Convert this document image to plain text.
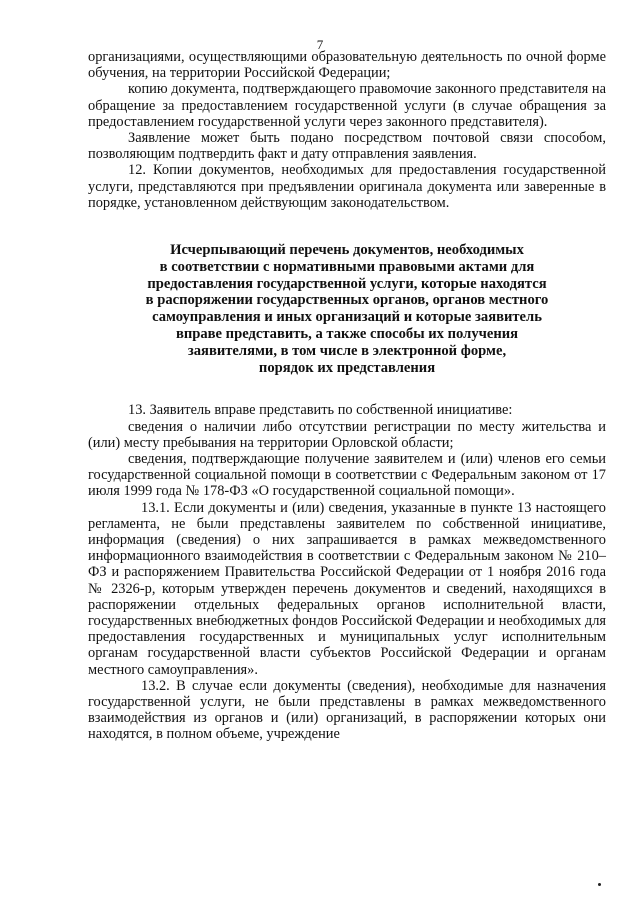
7

организациями, осуществляющими образовательную деятельность по очной форме обучения, на территории Российской Федерации;

копию документа, подтверждающего правомочие законного представителя на обращение за предоставлением государственной услуги (в случае обращения за предоставлением государственной услуги через законного представителя).

Заявление может быть подано посредством почтовой связи способом, позволяющим подтвердить факт и дату отправления заявления.

12. Копии документов, необходимых для предоставления государственной услуги, представляются при предъявлении оригинала документа или заверенные в порядке, установленном действующим законодательством.

Исчерпывающий перечень документов, необходимых
в соответствии с нормативными правовыми актами для
предоставления государственной услуги, которые находятся
в распоряжении государственных органов, органов местного
самоуправления и иных организаций и которые заявитель
вправе представить, а также способы их получения
заявителями, в том числе в электронной форме,
порядок их представления

13. Заявитель вправе представить по собственной инициативе:

сведения о наличии либо отсутствии регистрации по месту жительства и (или) месту пребывания на территории Орловской области;

сведения, подтверждающие получение заявителем и (или) членов его семьи государственной социальной помощи в соответствии с Федеральным законом от 17 июля 1999 года № 178-ФЗ «О государственной социальной помощи».

13.1. Если документы и (или) сведения, указанные в пункте 13 настоящего регламента, не были представлены заявителем по собственной инициативе, информация (сведения) о них запрашивается в рамках межведомственного информационного взаимодействия в соответствии с Федеральным законом № 210–ФЗ и распоряжением Правительства Российской Федерации от 1 ноября 2016 года № 2326-р, которым утвержден перечень документов и сведений, находящихся в распоряжении отдельных федеральных органов исполнительной власти, государственных внебюджетных фондов Российской Федерации и необходимых для предоставления государственных и муниципальных услуг исполнительным органам государственной власти субъектов Российской Федерации и органам местного самоуправления».

13.2. В случае если документы (сведения), необходимые для назначения государственной услуги, не были представлены в рамках межведомственного взаимодействия из органов и (или) организаций, в распоряжении которых они находятся, в полном объеме, учреждение
